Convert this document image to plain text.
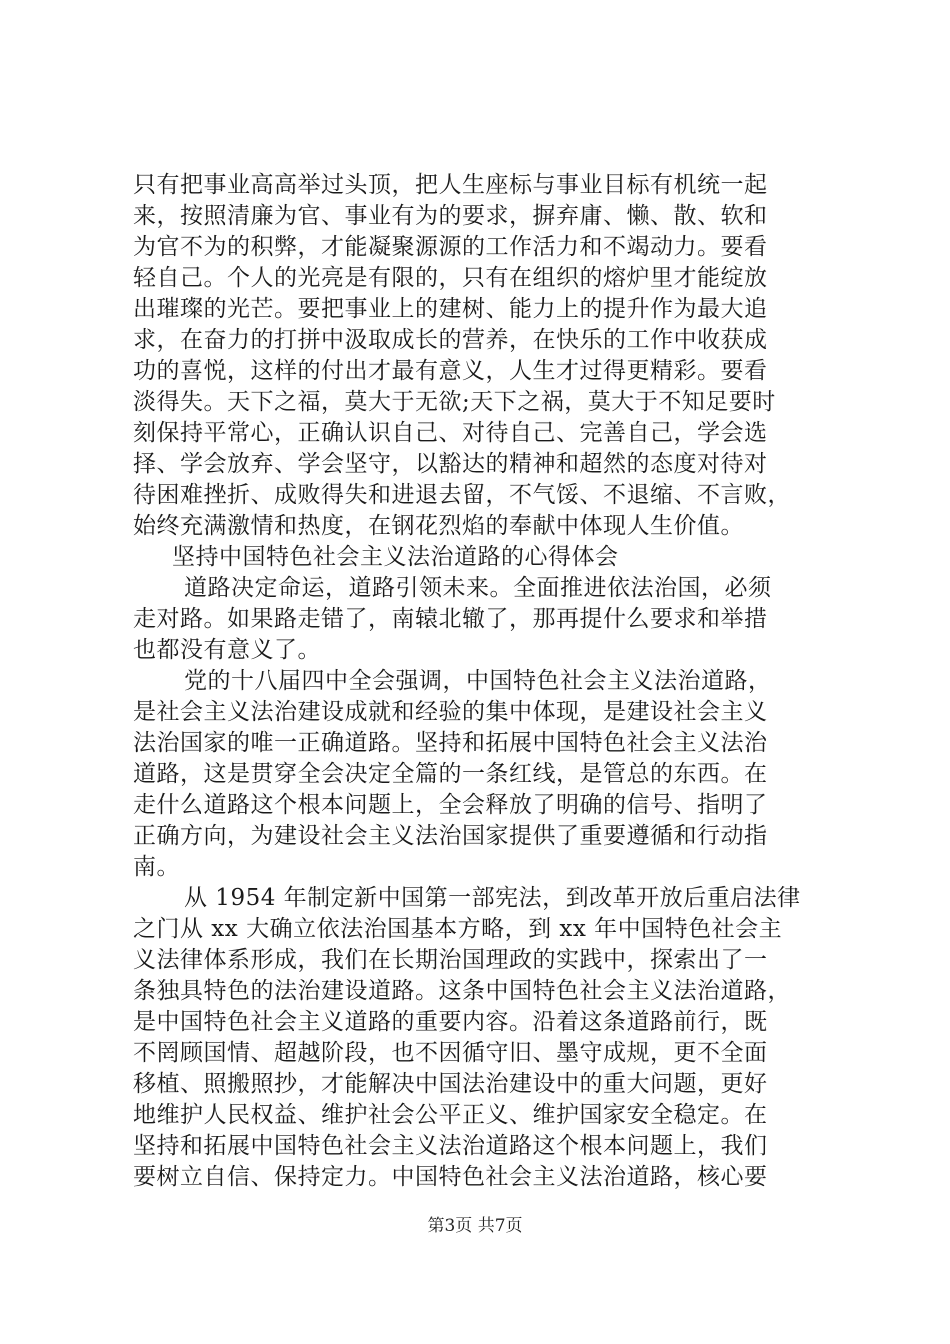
只有把事业高高举过头顶，把人生座标与事业目标有机统一起
来，按照清廉为官、事业有为的要求，摒弃庸、懒、散、软和
为官不为的积弊，才能凝聚源源的工作活力和不竭动力。要看
轻自己。个人的光亮是有限的，只有在组织的熔炉里才能绽放
出璀璨的光芒。要把事业上的建树、能力上的提升作为最大追
求，在奋力的打拼中汲取成长的营养，在快乐的工作中收获成
功的喜悦，这样的付出才最有意义，人生才过得更精彩。要看
淡得失。天下之福，莫大于无欲;天下之祸，莫大于不知足要时
刻保持平常心，正确认识自己、对待自己、完善自己，学会选
择、学会放弃、学会坚守，以豁达的精神和超然的态度对待对
待困难挫折、成败得失和进退去留，不气馁、不退缩、不言败，
始终充满激情和热度，在钢花烈焰的奉献中体现人生价值。
坚持中国特色社会主义法治道路的心得体会
道路决定命运，道路引领未来。全面推进依法治国，必须
走对路。如果路走错了，南辕北辙了，那再提什么要求和举措
也都没有意义了。
党的十八届四中全会强调，中国特色社会主义法治道路，
是社会主义法治建设成就和经验的集中体现，是建设社会主义
法治国家的唯一正确道路。坚持和拓展中国特色社会主义法治
道路，这是贯穿全会决定全篇的一条红线，是管总的东西。在
走什么道路这个根本问题上，全会释放了明确的信号、指明了
正确方向，为建设社会主义法治国家提供了重要遵循和行动指
南。
从 1954 年制定新中国第一部宪法，到改革开放后重启法律
之门从 xx 大确立依法治国基本方略，到 xx 年中国特色社会主
义法律体系形成，我们在长期治国理政的实践中，探索出了一
条独具特色的法治建设道路。这条中国特色社会主义法治道路，
是中国特色社会主义道路的重要内容。沿着这条道路前行，既
不罔顾国情、超越阶段，也不因循守旧、墨守成规，更不全面
移植、照搬照抄，才能解决中国法治建设中的重大问题，更好
地维护人民权益、维护社会公平正义、维护国家安全稳定。在
坚持和拓展中国特色社会主义法治道路这个根本问题上，我们
要树立自信、保持定力。中国特色社会主义法治道路，核心要
第3页 共7页
